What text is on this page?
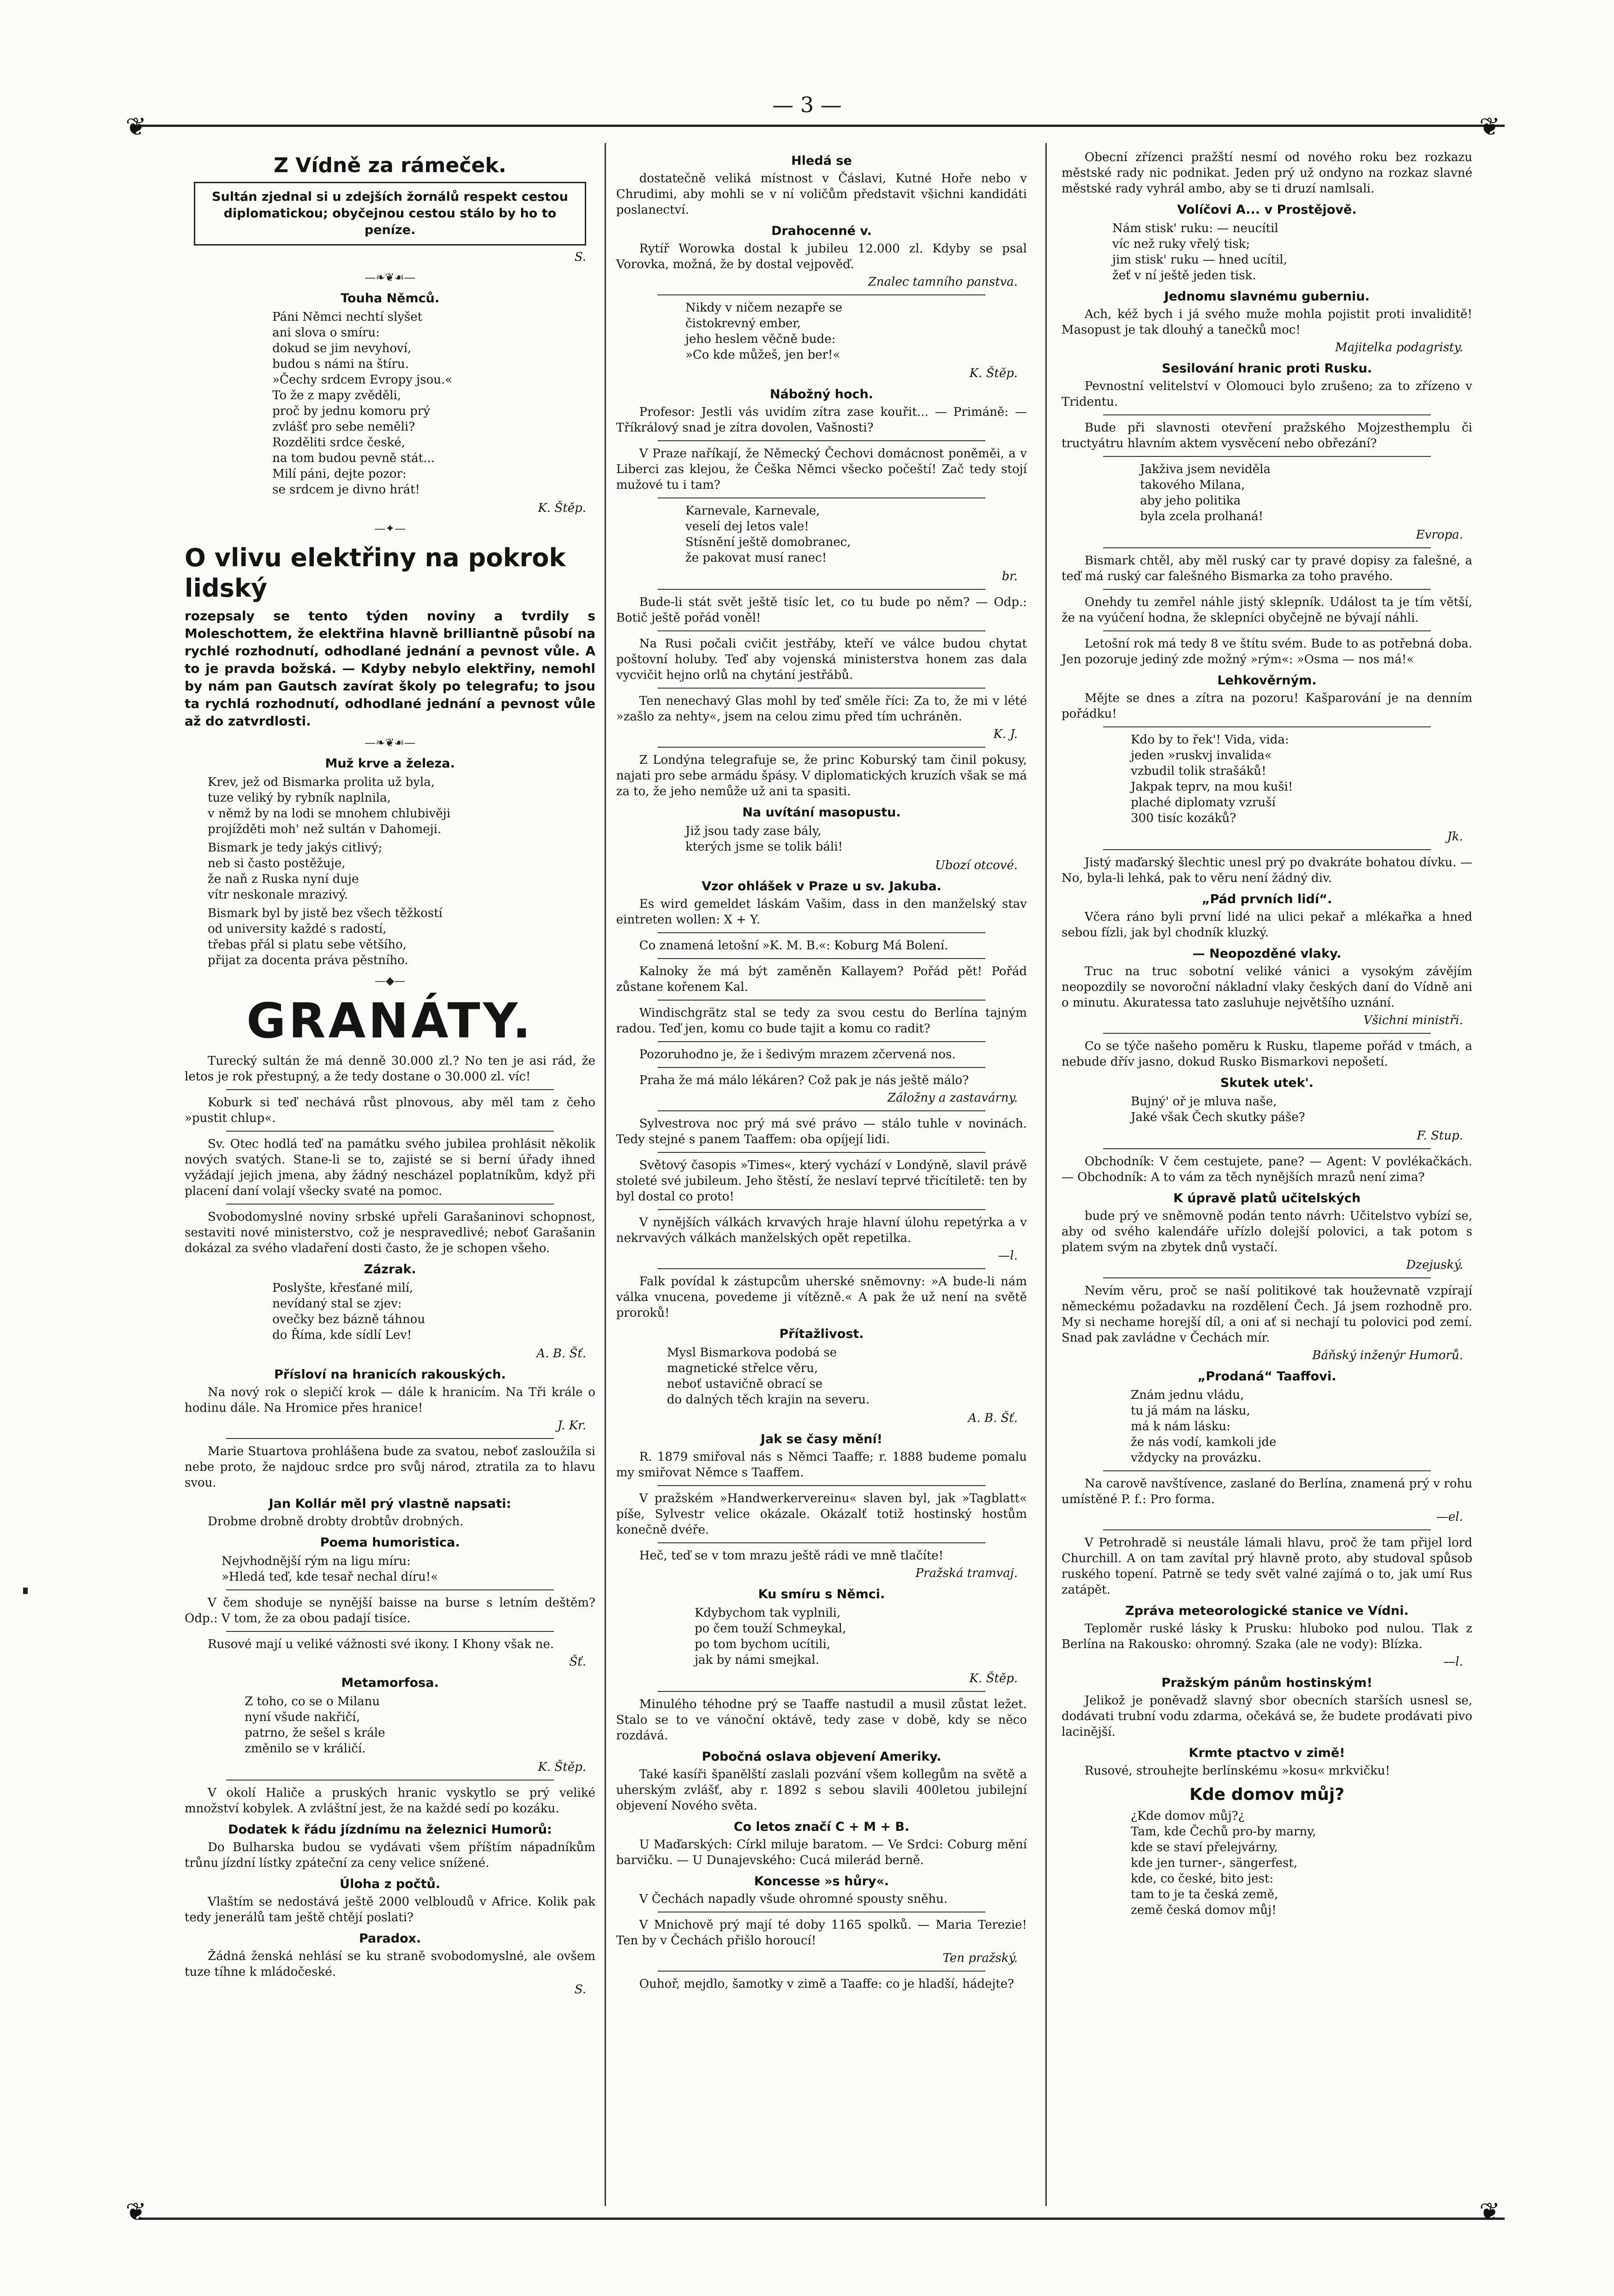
— 3 —
❦	❦
❦	❦
Z Vídně za rámeček.
Sultán zjednal si u zdejších žornálů respekt cestou diplomatickou; obyčejnou cestou stálo by ho to peníze.
S.
—❧❦☙—
Touha Němců.
Páni Němci nechtí slyšet
ani slova o smíru:
dokud se jim nevyhoví,
budou s námi na štíru.
»Čechy srdcem Evropy jsou.«
To že z mapy zvěděli,
proč by jednu komoru prý
zvlášť pro sebe neměli?
Rozděliti srdce české,
na tom budou pevně stát...
Milí páni, dejte pozor:
se srdcem je divno hrát!
K. Štěp.
—✦—
O vlivu elektřiny na pokrok lidský
rozepsaly se tento týden noviny a tvrdily s Moleschottem, že elektřina hlavně brilliantně působí na rychlé rozhodnutí, odhodlané jednání a pevnost vůle. A to je pravda božská. — Kdyby nebylo elektřiny, nemohl by nám pan Gautsch zavírat školy po telegrafu; to jsou ta rychlá rozhodnutí, odhodlané jednání a pevnost vůle až do zatvrdlosti.
—❧❦☙—
Muž krve a železa.
Krev, jež od Bismarka prolita už byla,
tuze veliký by rybník naplnila,
v němž by na lodi se mnohem chlubivěji
projížděti moh' než sultán v Dahomeji.
Bismark je tedy jakýs citlivý;
neb si často postěžuje,
že naň z Ruska nyní duje
vítr neskonale mrazivý.
Bismark byl by jistě bez všech těžkostí
od university každé s radostí,
třebas přál si platu sebe většího,
přijat za docenta práva pěstního.
—◆—
GRANÁTY.
Turecký sultán že má denně 30.000 zl.? No ten je asi rád, že letos je rok přestupný, a že tedy dostane o 30.000 zl. víc!
Koburk si teď nechává růst plnovous, aby měl tam z čeho »pustit chlup«.
Sv. Otec hodlá teď na památku svého jubilea prohlásit několik nových svatých. Stane-li se to, zajisté se si berní úřady ihned vyžádají jejich jmena, aby žádný nescházel poplatníkům, když při placení daní volají všecky svaté na pomoc.
Svobodomyslné noviny srbské upřeli Garašaninovi schopnost, sestaviti nové ministerstvo, což je nespravedlivé; neboť Garašanin dokázal za svého vladaření dosti často, že je schopen všeho.
Zázrak.
Poslyšte, křesťané milí,
nevídaný stal se zjev:
ovečky bez bázně táhnou
do Říma, kde sídlí Lev!
A. B. Šť.
Přísloví na hranicích rakouských.
Na nový rok o slepičí krok — dále k hranicím. Na Tři krále o hodinu dále. Na Hromice přes hranice!
J. Kr.
Marie Stuartova prohlášena bude za svatou, neboť zasloužila si nebe proto, že najdouc srdce pro svůj národ, ztratila za to hlavu svou.
Jan Kollár měl prý vlastně napsati:
Drobme drobně drobty drobtův drobných.
Poema humoristica.
Nejvhodnější rým na ligu míru:
»Hledá teď, kde tesař nechal díru!«
V čem shoduje se nynější baisse na burse s letním deštěm? Odp.: V tom, že za obou padají tisíce.
Rusové mají u veliké vážnosti své ikony. I Khony však ne.
Šť.
Metamorfosa.
Z toho, co se o Milanu
nyní všude nakřičí,
patrno, že sešel s krále
změnilo se v králičí.
K. Štěp.
V okolí Haliče a pruských hranic vyskytlo se prý veliké množství kobylek. A zvláštní jest, že na každé sedí po kozáku.
Dodatek k řádu jízdnímu na železnici Humorů:
Do Bulharska budou se vydávati všem příštím nápadníkům trůnu jízdní lístky zpáteční za ceny velice snížené.
Úloha z počtů.
Vlaštím se nedostává ještě 2000 velbloudů v Africe. Kolik pak tedy jenerálů tam ještě chtějí poslati?
Paradox.
Žádná ženská nehlásí se ku straně svobodomyslné, ale ovšem tuze tíhne k mládočeské.
S.
Hledá se
dostatečně veliká místnost v Čáslavi, Kutné Hoře nebo v Chrudimi, aby mohli se v ní voličům představit všichni kandidáti poslanectví.
Drahocenné v.
Rytíř Worowka dostal k jubileu 12.000 zl. Kdyby se psal Vorovka, možná, že by dostal vejpověď.
Znalec tamního panstva.
Nikdy v ničem nezapře se
čistokrevný ember,
jeho heslem věčně bude:
»Co kde můžeš, jen ber!«
K. Štěp.
Nábožný hoch.
Profesor: Jestli vás uvidím zítra zase kouřit... — Primáně: — Tříkrálový snad je zítra dovolen, Vašnosti?
V Praze naříkají, že Německý Čechovi domácnost poněměi, a v Liberci zas klejou, že Češka Němci všecko počeští! Zač tedy stojí mužové tu i tam?
Karnevale, Karnevale,
veselí dej letos vale!
Stísnění ještě domobranec,
že pakovat musí ranec!
br.
Bude-li stát svět ještě tisíc let, co tu bude po něm? — Odp.: Botič ještě pořád voněl!
Na Rusi počali cvičit jestřáby, kteří ve válce budou chytat poštovní holuby. Teď aby vojenská ministerstva honem zas dala vycvičit hejno orlů na chytání jestřábů.
Ten nenechavý Glas mohl by teď směle říci: Za to, že mi v lété »zašlo za nehty«, jsem na celou zimu před tím uchráněn.
K. J.
Z Londýna telegrafuje se, že princ Koburský tam činil pokusy, najati pro sebe armádu špásy. V diplomatických kruzích však se má za to, že jeho nemůže už ani ta spasiti.
Na uvítání masopustu.
Již jsou tady zase bály,
kterých jsme se tolik báli!
Ubozí otcové.
Vzor ohlášek v Praze u sv. Jakuba.
Es wird gemeldet láskám Vašim, dass in den manželský stav eintreten wollen: X + Y.
Co znamená letošní »K. M. B.«: Koburg Má Bolení.
Kalnoky že má být zaměněn Kallayem? Pořád pět! Pořád zůstane kořenem Kal.
Windischgrätz stal se tedy za svou cestu do Berlína tajným radou. Teď jen, komu co bude tajit a komu co radit?
Pozoruhodno je, že i šedivým mrazem zčervená nos.
Praha že má málo lékáren? Což pak je nás ještě málo?
Záložny a zastavárny.
Sylvestrova noc prý má své právo — stálo tuhle v novinách. Tedy stejné s panem Taaffem: oba opíjejí lidi.
Světový časopis »Times«, který vychází v Londýně, slavil právě stoleté své jubileum. Jeho štěstí, že neslaví teprvé třicítiletě: ten by byl dostal co proto!
V nynějších válkách krvavých hraje hlavní úlohu repetýrka a v nekrvavých válkách manželských opět repetilka.
—l.
Falk povídal k zástupcům uherské sněmovny: »A bude-li nám válka vnucena, povedeme ji vítězně.« A pak že už není na světě proroků!
Přítažlivost.
Mysl Bismarkova podobá se
magnetické střelce věru,
neboť ustavičně obrací se
do dalných těch krajin na severu.
A. B. Šť.
Jak se časy mění!
R. 1879 smiřoval nás s Němci Taaffe; r. 1888 budeme pomalu my smiřovat Němce s Taaffem.
V pražském »Handwerkervereinu« slaven byl, jak »Tagblatt« píše, Sylvestr velice okázale. Okázalť totiž hostinský hostům konečně dvéře.
Heč, teď se v tom mrazu ještě rádi ve mně tlačíte!
Pražská tramvaj.
Ku smíru s Němci.
Kdybychom tak vyplnili,
po čem touží Schmeykal,
po tom bychom ucítili,
jak by námi smejkal.
K. Štěp.
Minulého téhodne prý se Taaffe nastudil a musil zůstat ležet. Stalo se to ve vánoční oktávě, tedy zase v době, kdy se něco rozdává.
Pobočná oslava objevení Ameriky.
Také kasíři španělští zaslali pozvání všem kollegům na světě a uherským zvlášť, aby r. 1892 s sebou slavili 400letou jubilejní objevení Nového světa.
Co letos značí C + M + B.
U Maďarských: Církl miluje baratom. — Ve Srdci: Coburg mění barvičku. — U Dunajevského: Cucá milerád berně.
Koncesse »s hůry«.
V Čechách napadly všude ohromné spousty sněhu.
V Mnichově prý mají té doby 1165 spolků. — Maria Terezie! Ten by v Čechách přišlo horoucí!
Ten pražský.
Ouhoř, mejdlo, šamotky v zimě a Taaffe: co je hladší, hádejte?
Obecní zřízenci pražští nesmí od nového roku bez rozkazu městské rady nic podnikat. Jeden prý už ondyno na rozkaz slavné městské rady vyhrál ambo, aby se ti druzí namlsali.
Volíčovi A... v Prostějově.
Nám stisk' ruku: — neucítil
víc než ruky vřelý tisk;
jim stisk' ruku — hned ucítil,
žeť v ní ještě jeden tisk.
Jednomu slavnému guberniu.
Ach, kéž bych i já svého muže mohla pojistit proti invaliditě! Masopust je tak dlouhý a tanečků moc!
Majitelka podagristy.
Sesilování hranic proti Rusku.
Pevnostní velitelství v Olomouci bylo zrušeno; za to zřízeno v Tridentu.
Bude při slavnosti otevření pražského Mojzesthemplu či tructyátru hlavním aktem vysvěcení nebo obřezání?
Jakživa jsem neviděla
takového Milana,
aby jeho politika
byla zcela prolhaná!
Evropa.
Bismark chtěl, aby měl ruský car ty pravé dopisy za falešné, a teď má ruský car falešného Bismarka za toho pravého.
Onehdy tu zemřel náhle jistý sklepník. Událost ta je tím větší, že na vyúčení hodna, že sklepníci obyčejně ne bývají náhli.
Letošní rok má tedy 8 ve štítu svém. Bude to as potřebná doba. Jen pozoruje jediný zde možný »rým«: »Osma — nos má!«
Lehkověrným.
Mějte se dnes a zítra na pozoru! Kašparování je na denním pořádku!
Kdo by to řek'! Vida, vida:
jeden »ruskvj invalida«
vzbudil tolik strašáků!
Jakpak teprv, na mou kuši!
plaché diplomaty vzruší
300 tisíc kozáků?
Jk.
Jistý maďarský šlechtic unesl prý po dvakráte bohatou dívku. — No, byla-li lehká, pak to věru není žádný div.
„Pád prvních lidí“.
Včera ráno byli první lidé na ulici pekař a mlékařka a hned sebou fízli, jak byl chodník kluzký.
— Neopozděné vlaky.
Truc na truc sobotní veliké vánici a vysokým závějím neopozdily se novoroční nákladní vlaky českých daní do Vídně ani o minutu. Akuratessa tato zasluhuje největšího uznání.
Všichni ministři.
Co se týče našeho poměru k Rusku, tlapeme pořád v tmách, a nebude dřív jasno, dokud Rusko Bismarkovi nepošetí.
Skutek utek'.
Bujný' oř je mluva naše,
Jaké však Čech skutky páše?
F. Stup.
Obchodník: V čem cestujete, pane? — Agent: V povlékačkách. — Obchodník: A to vám za těch nynějších mrazů není zima?
K úpravě platů učitelských
bude prý ve sněmovně podán tento návrh: Učitelstvo vybízí se, aby od svého kalendáře uřízlo dolejší polovici, a tak potom s platem svým na zbytek dnů vystačí.
Dzejuský.
Nevím věru, proč se naší politikové tak houževnatě vzpírají německému požadavku na rozdělení Čech. Já jsem rozhodně pro. My si nechame horejší díl, a oni ať si nechají tu polovici pod zemí. Snad pak zavládne v Čechách mír.
Báňský inženýr Humorů.
„Prodaná“ Taaffovi.
Znám jednu vládu,
tu já mám na lásku,
má k nám lásku:
že nás vodí, kamkoli jde
vždycky na provázku.
Na carově navštívence, zaslané do Berlína, znamená prý v rohu umístěné P. f.: Pro forma.
—el.
V Petrohradě si neustále lámali hlavu, proč že tam přijel lord Churchill. A on tam zavítal prý hlavně proto, aby studoval spůsob ruského topení. Patrně se tedy svět valné zajímá o to, jak umí Rus zatápět.
Zpráva meteorologické stanice ve Vídni.
Teploměr ruské lásky k Prusku: hluboko pod nulou. Tlak z Berlína na Rakousko: ohromný. Szaka (ale ne vody): Blízka.
—l.
Pražským pánům hostinským!
Jelikož je poněvadž slavný sbor obecních starších usnesl se, dodávati trubní vodu zdarma, očekává se, že budete prodávati pivo lacinější.
Krmte ptactvo v zimě!
Rusové, strouhejte berlínskému »kosu« mrkvičku!
Kde domov můj?
¿Kde domov můj?¿
Tam, kde Čechů pro-by marny,
kde se staví přelejvárny,
kde jen turner-, sängerfest,
kde, co české, bito jest:
tam to je ta česká země,
země česká domov můj!
